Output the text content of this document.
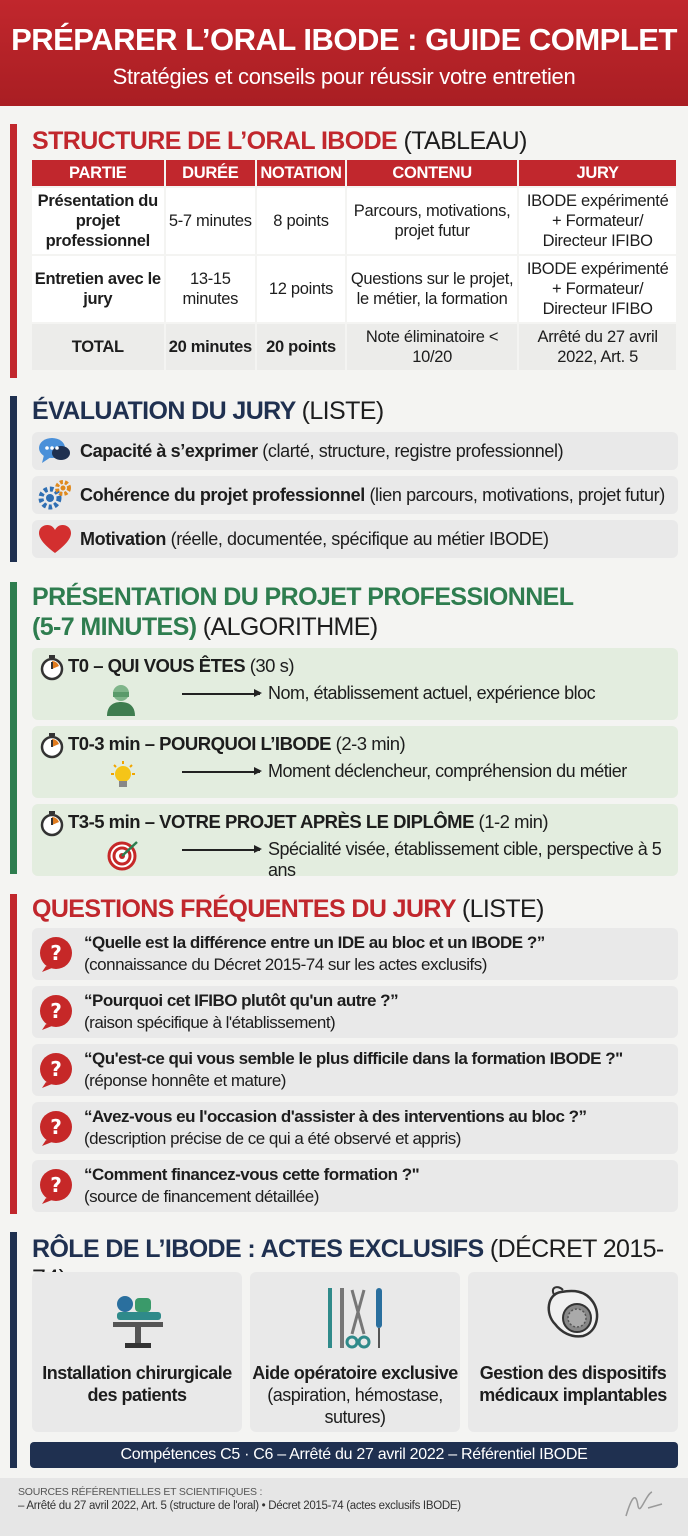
PRÉPARER L’ORAL IBODE : GUIDE COMPLET
Stratégies et conseils pour réussir votre entretien
STRUCTURE DE L’ORAL IBODE (TABLEAU)
PARTIE	DURÉE	NOTATION	CONTENU	JURY
Présentation du projet professionnel	5-7 minutes	8 points	Parcours, motivations, projet futur	IBODE expérimenté + Formateur/ Directeur IFIBO
Entretien avec le jury	13-15 minutes	12 points	Questions sur le projet, le métier, la formation	IBODE expérimenté + Formateur/ Directeur IFIBO
TOTAL	20 minutes	20 points	Note éliminatoire < 10/20	Arrêté du 27 avril 2022, Art. 5
ÉVALUATION DU JURY (LISTE)
Capacité à s’exprimer (clarté, structure, registre professionnel)
Cohérence du projet professionnel (lien parcours, motivations, projet futur)
Motivation (réelle, documentée, spécifique au métier IBODE)
PRÉSENTATION DU PROJET PROFESSIONNEL
(5-7 MINUTES) (ALGORITHME)
T0 – QUI VOUS ÊTES (30 s)
Nom, établissement actuel, expérience bloc
T0-3 min – POURQUOI L’IBODE (2-3 min)
Moment déclencheur, compréhension du métier
T3-5 min – VOTRE PROJET APRÈS LE DIPLÔME (1-2 min)
Spécialité visée, établissement cible, perspective à 5 ans
QUESTIONS FRÉQUENTES DU JURY (LISTE)
? “Quelle est la différence entre un IDE au bloc et un IBODE ?”
(connaissance du Décret 2015-74 sur les actes exclusifs)
? “Pourquoi cet IFIBO plutôt qu'un autre ?”
(raison spécifique à l'établissement)
? “Qu'est-ce qui vous semble le plus difficile dans la formation IBODE ?"
(réponse honnête et mature)
? “Avez-vous eu l'occasion d'assister à des interventions au bloc ?”
(description précise de ce qui a été observé et appris)
? “Comment financez-vous cette formation ?"
(source de financement détaillée)
RÔLE DE L’IBODE : ACTES EXCLUSIFS (DÉCRET 2015-
Installation chirurgicale des patients
Aide opératoire exclusive
(aspiration, hémostase, sutures)
Gestion des dispositifs médicaux implantables
Compétences C5 · C6 – Arrêté du 27 avril 2022 – Référentiel IBODE
SOURCES RÉFÉRENTIELLES ET SCIENTIFIQUES :
– Arrêté du 27 avril 2022, Art. 5 (structure de l'oral) • Décret 2015-74 (actes exclusifs IBODE)
